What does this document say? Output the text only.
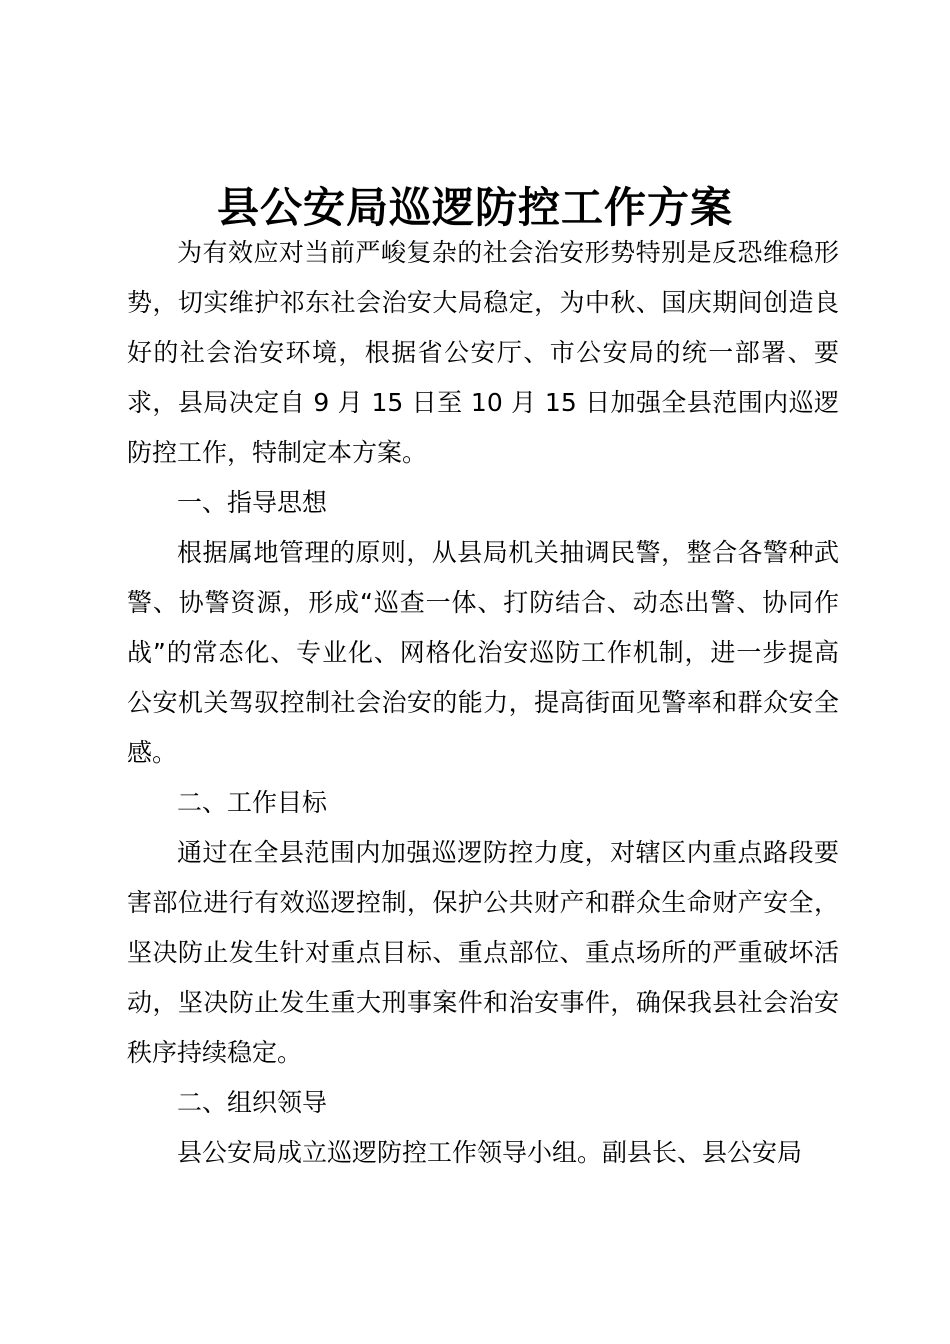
县公安局巡逻防控工作方案

为有效应对当前严峻复杂的社会治安形势特别是反恐维稳形势，切实维护祁东社会治安大局稳定，为中秋、国庆期间创造良好的社会治安环境，根据省公安厅、市公安局的统一部署、要求，县局决定自 9 月 15 日至 10 月 15 日加强全县范围内巡逻防控工作，特制定本方案。

一、指导思想

根据属地管理的原则，从县局机关抽调民警，整合各警种武警、协警资源，形成“巡查一体、打防结合、动态出警、协同作战”的常态化、专业化、网格化治安巡防工作机制，进一步提高公安机关驾驭控制社会治安的能力，提高街面见警率和群众安全感。

二、工作目标

通过在全县范围内加强巡逻防控力度，对辖区内重点路段要害部位进行有效巡逻控制，保护公共财产和群众生命财产安全，坚决防止发生针对重点目标、重点部位、重点场所的严重破坏活动，坚决防止发生重大刑事案件和治安事件，确保我县社会治安秩序持续稳定。

二、组织领导

县公安局成立巡逻防控工作领导小组。副县长、县公安局
